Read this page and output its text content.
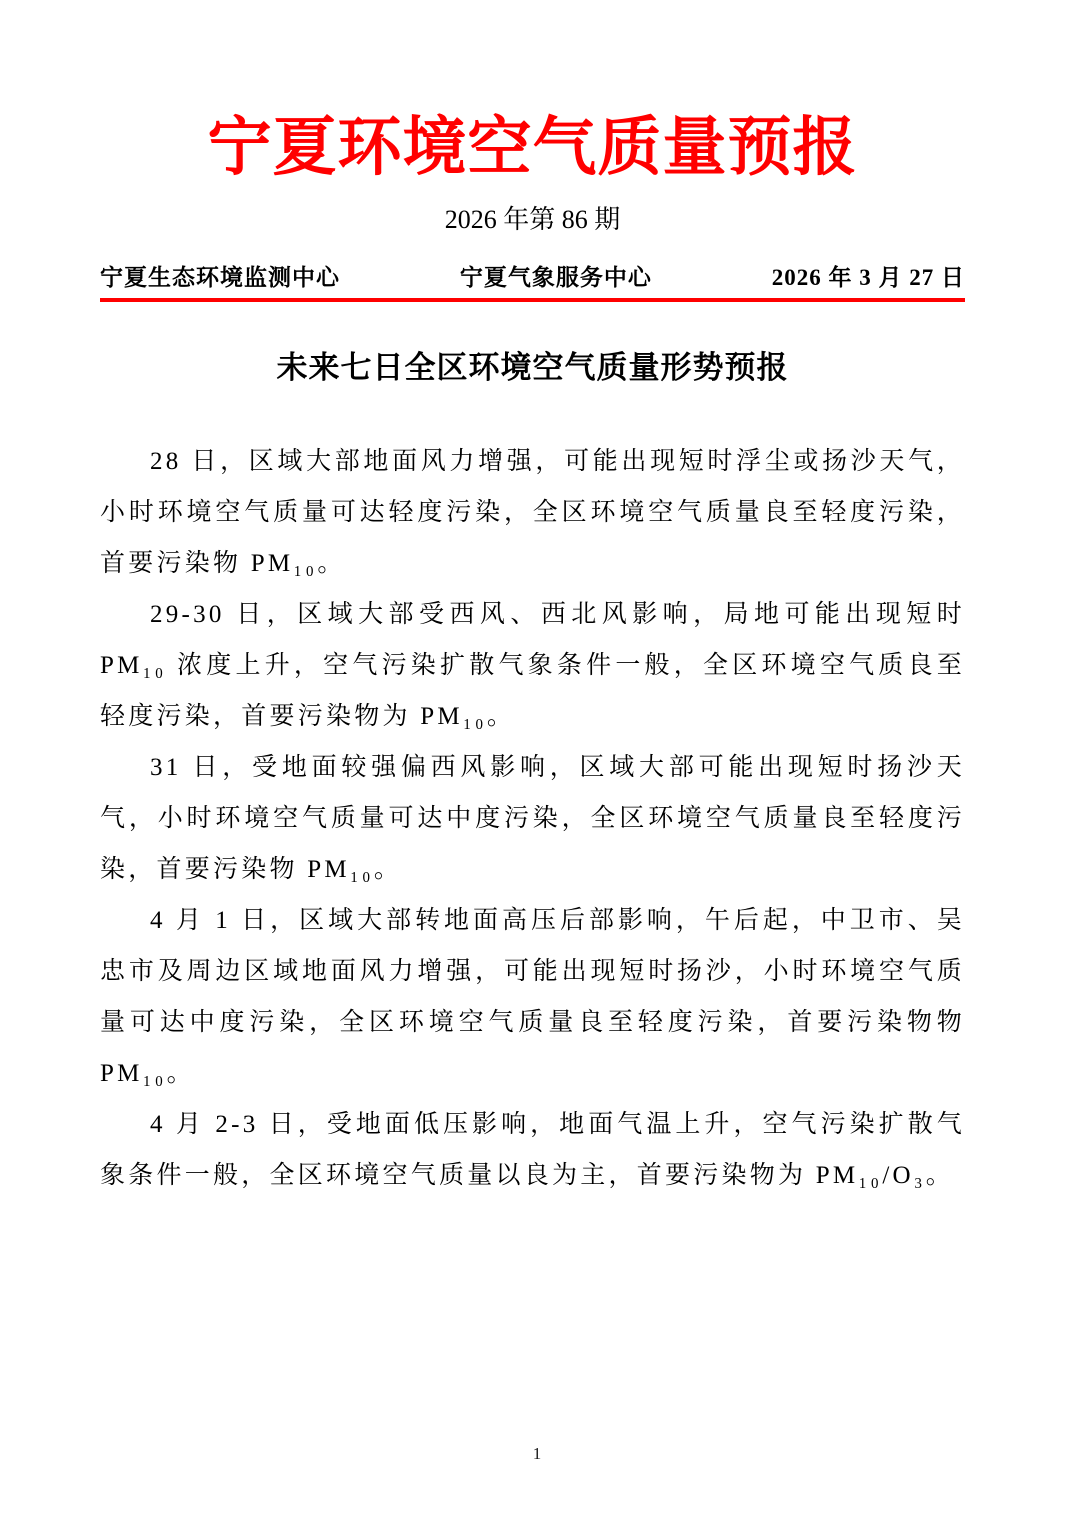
宁夏环境空气质量预报
2026 年第 86 期
宁夏生态环境监测中心	宁夏气象服务中心	2026 年 3 月 27 日
未来七日全区环境空气质量形势预报

28 日，区域大部地面风力增强，可能出现短时浮尘或扬沙天气，小时环境空气质量可达轻度污染，全区环境空气质量良至轻度污染，首要污染物 PM₁₀。

29-30 日，区域大部受西风、西北风影响，局地可能出现短时 PM₁₀ 浓度上升，空气污染扩散气象条件一般，全区环境空气质良至轻度污染，首要污染物为 PM₁₀。

31 日，受地面较强偏西风影响，区域大部可能出现短时扬沙天气，小时环境空气质量可达中度污染，全区环境空气质量良至轻度污染，首要污染物 PM₁₀。

4 月 1 日，区域大部转地面高压后部影响，午后起，中卫市、吴忠市及周边区域地面风力增强，可能出现短时扬沙，小时环境空气质量可达中度污染，全区环境空气质量良至轻度污染，首要污染物物 PM₁₀。

4 月 2-3 日，受地面低压影响，地面气温上升，空气污染扩散气象条件一般，全区环境空气质量以良为主，首要污染物为 PM₁₀/O₃。

1
